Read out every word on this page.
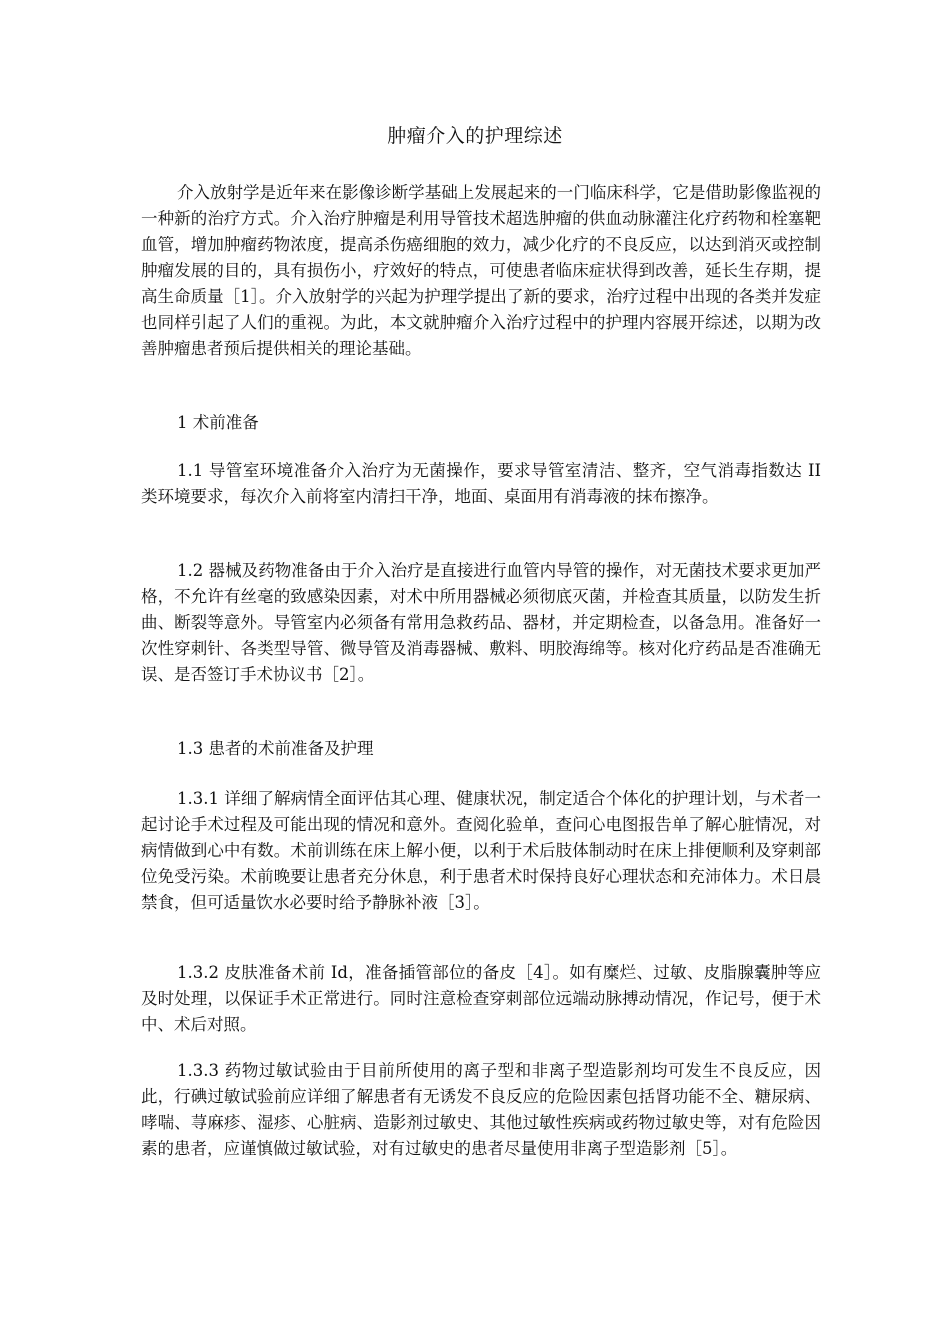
肿瘤介入的护理综述

介入放射学是近年来在影像诊断学基础上发展起来的一门临床科学，它是借助影像监视的一种新的治疗方式。介入治疗肿瘤是利用导管技术超选肿瘤的供血动脉灌注化疗药物和栓塞靶血管，增加肿瘤药物浓度，提高杀伤癌细胞的效力，减少化疗的不良反应，以达到消灭或控制肿瘤发展的目的，具有损伤小，疗效好的特点，可使患者临床症状得到改善，延长生存期，提高生命质量［1］。介入放射学的兴起为护理学提出了新的要求，治疗过程中出现的各类并发症也同样引起了人们的重视。为此，本文就肿瘤介入治疗过程中的护理内容展开综述，以期为改善肿瘤患者预后提供相关的理论基础。

1 术前准备

1.1 导管室环境准备介入治疗为无菌操作，要求导管室清洁、整齐，空气消毒指数达 II 类环境要求，每次介入前将室内清扫干净，地面、桌面用有消毒液的抹布擦净。

1.2 器械及药物准备由于介入治疗是直接进行血管内导管的操作，对无菌技术要求更加严格，不允许有丝毫的致感染因素，对术中所用器械必须彻底灭菌，并检查其质量，以防发生折曲、断裂等意外。导管室内必须备有常用急救药品、器材，并定期检查，以备急用。准备好一次性穿刺针、各类型导管、微导管及消毒器械、敷料、明胶海绵等。核对化疗药品是否准确无误、是否签订手术协议书［2］。

1.3 患者的术前准备及护理

1.3.1 详细了解病情全面评估其心理、健康状况，制定适合个体化的护理计划，与术者一起讨论手术过程及可能出现的情况和意外。查阅化验单，查问心电图报告单了解心脏情况，对病情做到心中有数。术前训练在床上解小便，以利于术后肢体制动时在床上排便顺利及穿刺部位免受污染。术前晚要让患者充分休息，利于患者术时保持良好心理状态和充沛体力。术日晨禁食，但可适量饮水必要时给予静脉补液［3］。

1.3.2 皮肤准备术前 Id，准备插管部位的备皮［4］。如有糜烂、过敏、皮脂腺囊肿等应及时处理，以保证手术正常进行。同时注意检查穿刺部位远端动脉搏动情况，作记号，便于术中、术后对照。

1.3.3 药物过敏试验由于目前所使用的离子型和非离子型造影剂均可发生不良反应，因此，行碘过敏试验前应详细了解患者有无诱发不良反应的危险因素包括肾功能不全、糖尿病、哮喘、荨麻疹、湿疹、心脏病、造影剂过敏史、其他过敏性疾病或药物过敏史等，对有危险因素的患者，应谨慎做过敏试验，对有过敏史的患者尽量使用非离子型造影剂［5］。
